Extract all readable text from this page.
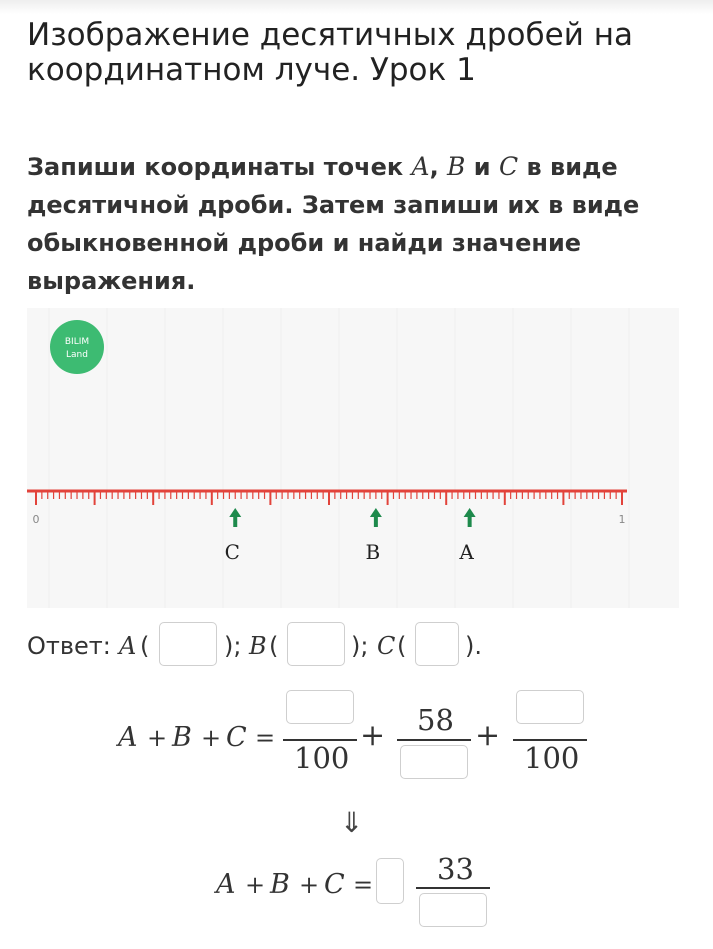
Изображение десятичных дробей на координатном луче. Урок 1
Запиши координаты точек A, B и C в виде десятичной дроби. Затем запиши их в виде обыкновенной дроби и найди значение выражения.
BILIM
Land
0	1
C	B	A
Ответ: A (	); B (	); C ( ).
A + B + C =
100
+ 58 +
100
⇓
A + B + C = 33
